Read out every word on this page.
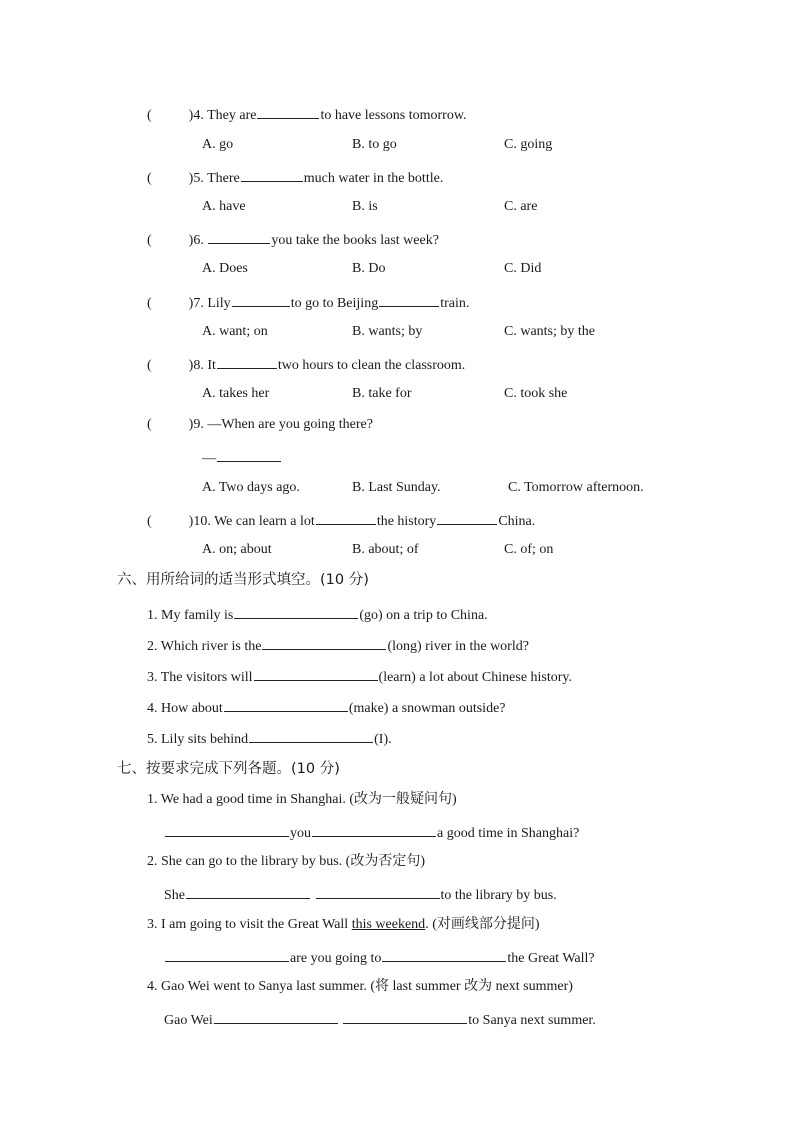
(	)4. They are	to have lessons tomorrow.
A. go	B. to go	C. going
(	)5. There	much water in the bottle.
A. have	B. is	C. are
(	)6.	you take the books last week?
A. Does	B. Do	C. Did
(	)7. Lily	to go to Beijing	train.
A. want; on	B. wants; by	C. wants; by the
(	)8. It	two hours to clean the classroom.
A. takes her	B. take for	C. took she
(	)9. —When are you going there?
—
A. Two days ago.	B. Last Sunday.	C. Tomorrow afternoon.
(	)10. We can learn a lot	the history	China.
A. on; about	B. about; of	C. of; on
六、用所给词的适当形式填空。(10 分)
1. My family is	(go) on a trip to China.
2. Which river is the	(long) river in the world?
3. The visitors will	(learn) a lot about Chinese history.
4. How about	(make) a snowman outside?
5. Lily sits behind	(I).
七、按要求完成下列各题。(10 分)
1. We had a good time in Shanghai. (改为一般疑问句)
you	a good time in Shanghai?
2. She can go to the library by bus. (改为否定句)
She	to the library by bus.
3. I am going to visit the Great Wall this weekend. (对画线部分提问)
are you going to	the Great Wall?
4. Gao Wei went to Sanya last summer. (将 last summer 改为 next summer)
Gao Wei	to Sanya next summer.
